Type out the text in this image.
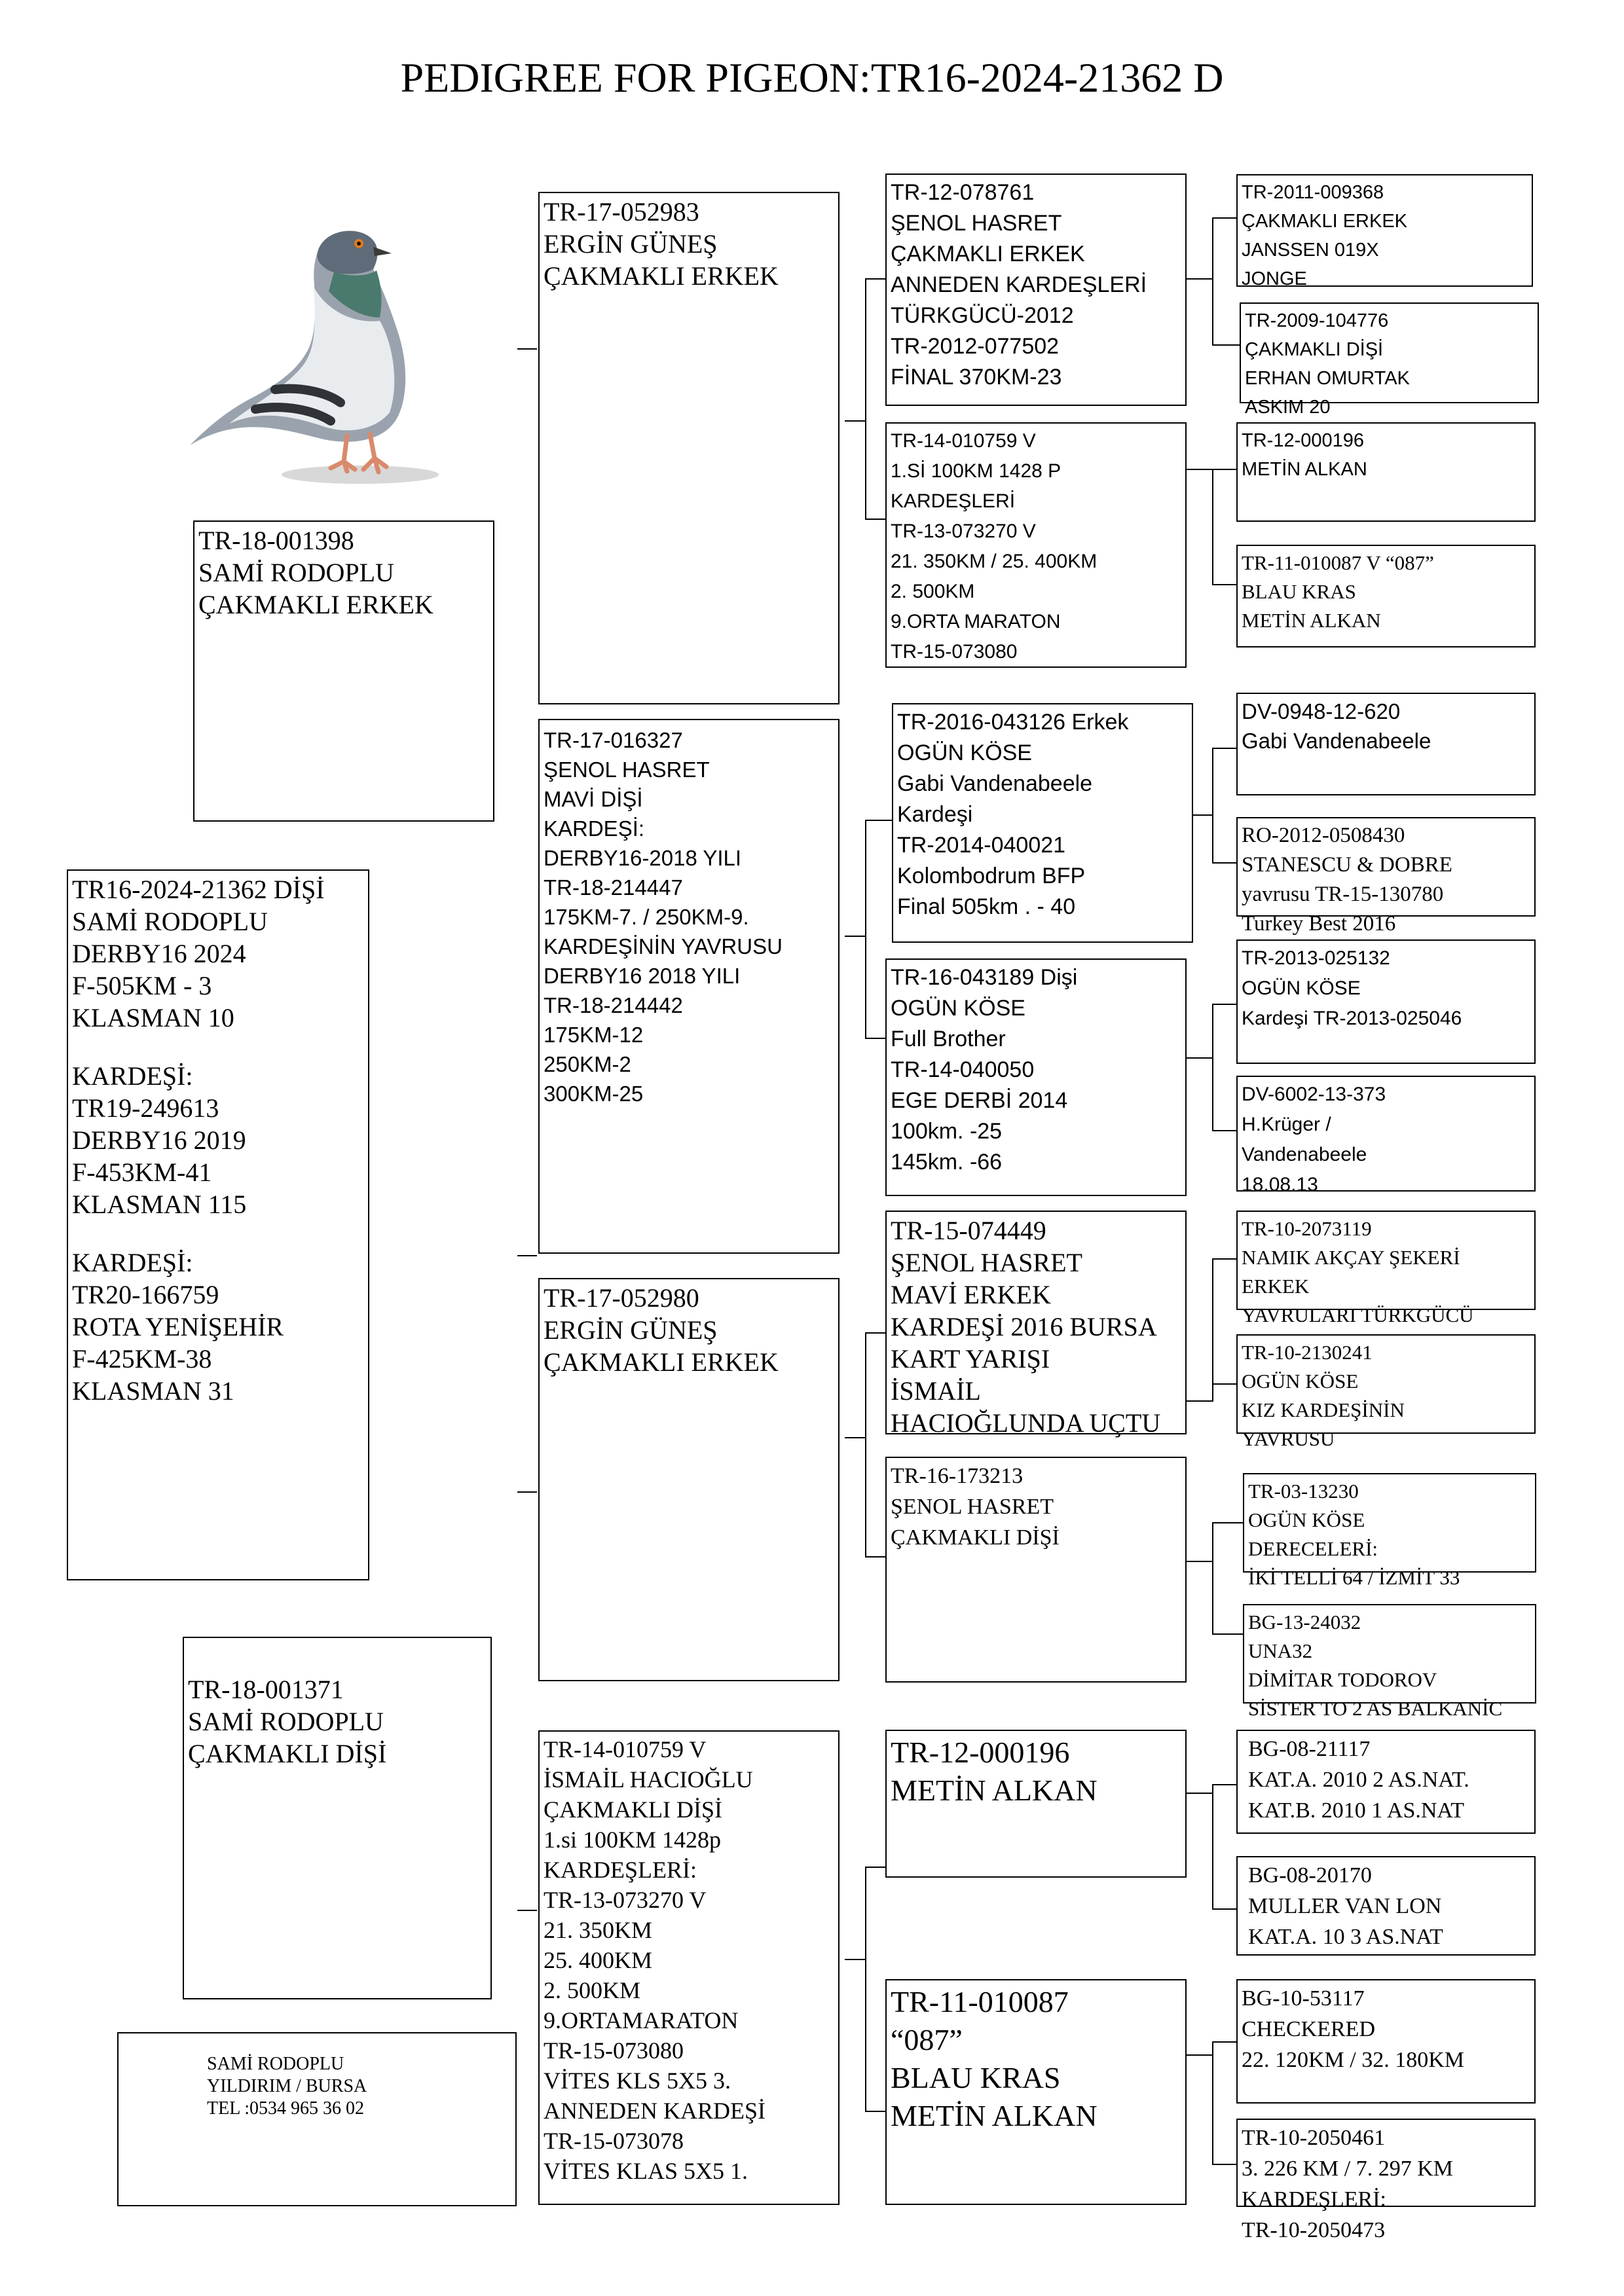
PEDIGREE FOR PIGEON:TR16-2024-21362 D
TR16-2024-21362 DİŞİ
SAMİ RODOPLU
DERBY16 2024
F-505KM - 3
KLASMAN 10
KARDEŞİ:
TR19-249613
DERBY16 2019
F-453KM-41
KLASMAN 115
KARDEŞİ:
TR20-166759
ROTA YENİŞEHİR
F-425KM-38
KLASMAN 31
TR-18-001398
SAMİ RODOPLU
ÇAKMAKLI ERKEK
TR-18-001371
SAMİ RODOPLU
ÇAKMAKLI DİŞİ
SAMİ RODOPLU
YILDIRIM / BURSA
TEL :0534 965 36 02
TR-17-052983
ERGİN GÜNEŞ
ÇAKMAKLI ERKEK
TR-17-016327
ŞENOL HASRET
MAVİ DİŞİ
KARDEŞİ:
DERBY16-2018 YILI
TR-18-214447
175KM-7. / 250KM-9.
KARDEŞİNİN YAVRUSU
DERBY16 2018 YILI
TR-18-214442
175KM-12
250KM-2
300KM-25
TR-17-052980
ERGİN GÜNEŞ
ÇAKMAKLI ERKEK
TR-14-010759 V
İSMAİL HACIOĞLU
ÇAKMAKLI DİŞİ
1.si 100KM 1428p
KARDEŞLERİ:
TR-13-073270 V
21. 350KM
25. 400KM
2. 500KM
9.ORTAMARATON
TR-15-073080
VİTES KLS 5X5 3.
ANNEDEN KARDEŞİ
TR-15-073078
VİTES KLAS 5X5 1.
TR-12-078761
ŞENOL HASRET
ÇAKMAKLI ERKEK
ANNEDEN KARDEŞLERİ
TÜRKGÜCÜ-2012
TR-2012-077502
FİNAL 370KM-23
TR-14-010759 V
1.Sİ 100KM 1428 P
KARDEŞLERİ
TR-13-073270 V
21. 350KM / 25. 400KM
2. 500KM
9.ORTA MARATON
TR-15-073080
TR-2016-043126 Erkek
OGÜN KÖSE
Gabi Vandenabeele
Kardeşi
TR-2014-040021
Kolombodrum BFP
Final 505km . - 40
TR-16-043189 Dişi
OGÜN KÖSE
Full Brother
TR-14-040050
EGE DERBİ 2014
100km. -25
145km. -66
TR-15-074449
ŞENOL HASRET
MAVİ ERKEK
KARDEŞİ 2016 BURSA
KART YARIŞI
İSMAİL
HACIOĞLUNDA UÇTU
TR-16-173213
ŞENOL HASRET
ÇAKMAKLI DİŞİ
TR-12-000196
METİN ALKAN
TR-11-010087
“087”
BLAU KRAS
METİN ALKAN
TR-2011-009368
ÇAKMAKLI ERKEK
JANSSEN 019X
JONGE
TR-2009-104776
ÇAKMAKLI DİŞİ
ERHAN OMURTAK
ASKIM 20
TR-12-000196
METİN ALKAN
TR-11-010087 V “087”
BLAU KRAS
METİN ALKAN
DV-0948-12-620
Gabi Vandenabeele
RO-2012-0508430
STANESCU & DOBRE
yavrusu TR-15-130780
Turkey Best 2016
TR-2013-025132
OGÜN KÖSE
Kardeşi TR-2013-025046
DV-6002-13-373
H.Krüger /
Vandenabeele
18.08.13
TR-10-2073119
NAMIK AKÇAY ŞEKERİ
ERKEK
YAVRULARI TÜRKGÜCÜ
TR-10-2130241
OGÜN KÖSE
KIZ KARDEŞİNİN
YAVRUSU
TR-03-13230
OGÜN KÖSE
DERECELERİ:
İKİ TELLİ 64 / İZMİT 33
BG-13-24032
UNA32
DİMİTAR TODOROV
SİSTER TO 2 AS BALKANİC
BG-08-21117
KAT.A. 2010 2 AS.NAT.
KAT.B. 2010 1 AS.NAT
BG-08-20170
MULLER VAN LON
KAT.A. 10 3 AS.NAT
BG-10-53117
CHECKERED
22. 120KM / 32. 180KM
TR-10-2050461
3. 226 KM / 7. 297 KM
KARDEŞLERİ:
TR-10-2050473
